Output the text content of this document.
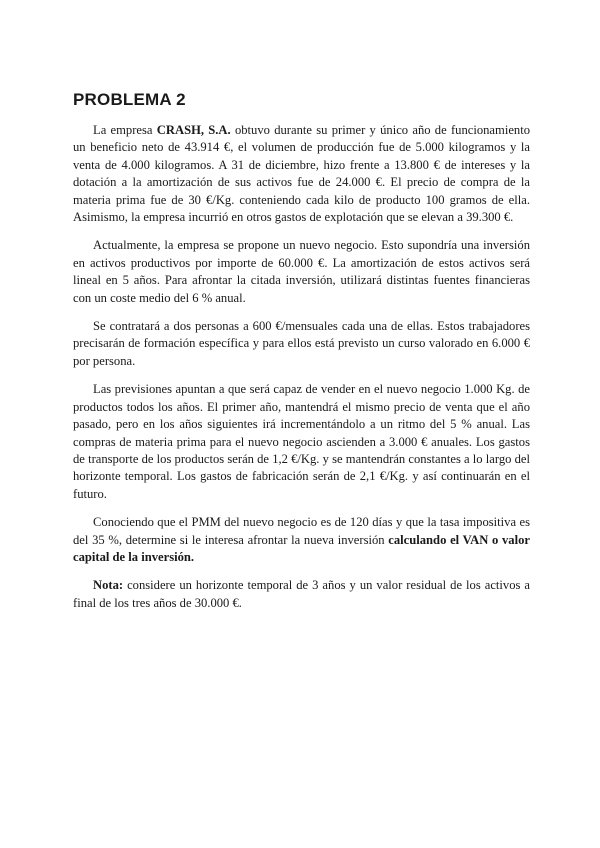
PROBLEMA 2

La empresa CRASH, S.A. obtuvo durante su primer y único año de funcionamiento un beneficio neto de 43.914 €, el volumen de producción fue de 5.000 kilogramos y la venta de 4.000 kilogramos. A 31 de diciembre, hizo frente a 13.800 € de intereses y la dotación a la amortización de sus activos fue de 24.000 €. El precio de compra de la materia prima fue de 30 €/Kg. conteniendo cada kilo de producto 100 gramos de ella. Asimismo, la empresa incurrió en otros gastos de explotación que se elevan a 39.300 €.

Actualmente, la empresa se propone un nuevo negocio. Esto supondría una inversión en activos productivos por importe de 60.000 €. La amortización de estos activos será lineal en 5 años. Para afrontar la citada inversión, utilizará distintas fuentes financieras con un coste medio del 6 % anual.

Se contratará a dos personas a 600 €/mensuales cada una de ellas. Estos trabajadores precisarán de formación específica y para ellos está previsto un curso valorado en 6.000 € por persona.

Las previsiones apuntan a que será capaz de vender en el nuevo negocio 1.000 Kg. de productos todos los años. El primer año, mantendrá el mismo precio de venta que el año pasado, pero en los años siguientes irá incrementándolo a un ritmo del 5 % anual. Las compras de materia prima para el nuevo negocio ascienden a 3.000 € anuales. Los gastos de transporte de los productos serán de 1,2 €/Kg. y se mantendrán constantes a lo largo del horizonte temporal. Los gastos de fabricación serán de 2,1 €/Kg. y así continuarán en el futuro.

Conociendo que el PMM del nuevo negocio es de 120 días y que la tasa impositiva es del 35 %, determine si le interesa afrontar la nueva inversión calculando el VAN o valor capital de la inversión.

Nota: considere un horizonte temporal de 3 años y un valor residual de los activos a final de los tres años de 30.000 €.
